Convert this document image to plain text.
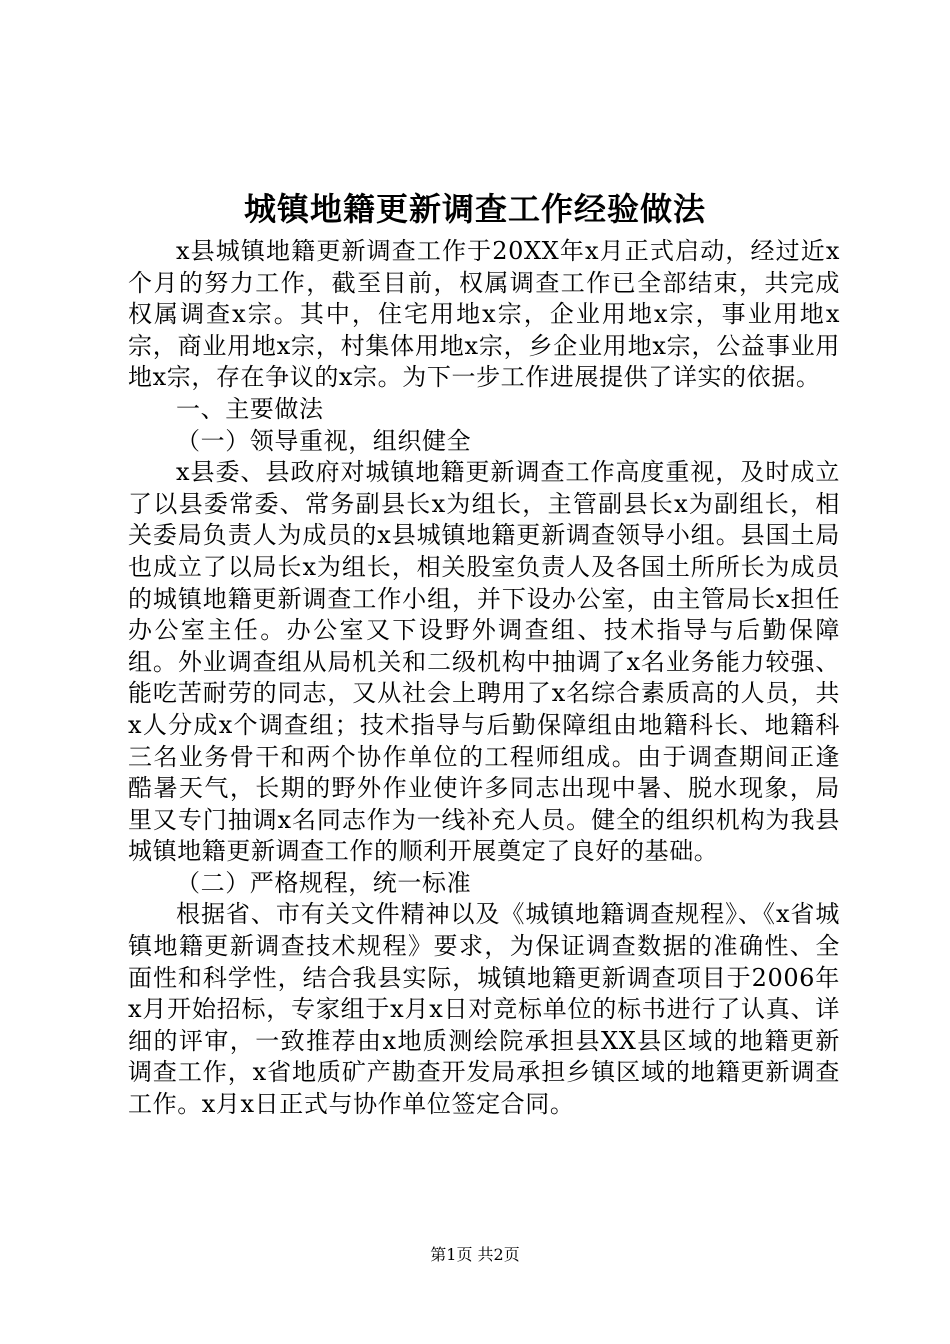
城镇地籍更新调查工作经验做法

x县城镇地籍更新调查工作于20XX年x月正式启动，经过近x个月的努力工作，截至目前，权属调查工作已全部结束，共完成权属调查x宗。其中，住宅用地x宗，企业用地x宗，事业用地x宗，商业用地x宗，村集体用地x宗，乡企业用地x宗，公益事业用地x宗，存在争议的x宗。为下一步工作进展提供了详实的依据。

一、主要做法

（一）领导重视，组织健全

x县委、县政府对城镇地籍更新调查工作高度重视，及时成立了以县委常委、常务副县长x为组长，主管副县长x为副组长，相关委局负责人为成员的x县城镇地籍更新调查领导小组。县国土局也成立了以局长x为组长，相关股室负责人及各国土所所长为成员的城镇地籍更新调查工作小组，并下设办公室，由主管局长x担任办公室主任。办公室又下设野外调查组、技术指导与后勤保障组。外业调查组从局机关和二级机构中抽调了x名业务能力较强、能吃苦耐劳的同志，又从社会上聘用了x名综合素质高的人员，共x人分成x个调查组；技术指导与后勤保障组由地籍科长、地籍科三名业务骨干和两个协作单位的工程师组成。由于调查期间正逢酷暑天气，长期的野外作业使许多同志出现中暑、脱水现象，局里又专门抽调x名同志作为一线补充人员。健全的组织机构为我县城镇地籍更新调查工作的顺利开展奠定了良好的基础。

（二）严格规程，统一标准

根据省、市有关文件精神以及《城镇地籍调查规程》、《x省城镇地籍更新调查技术规程》要求，为保证调查数据的准确性、全面性和科学性，结合我县实际，城镇地籍更新调查项目于2006年x月开始招标，专家组于x月x日对竞标单位的标书进行了认真、详细的评审，一致推荐由x地质测绘院承担县XX县区域的地籍更新调查工作，x省地质矿产勘查开发局承担乡镇区域的地籍更新调查工作。x月x日正式与协作单位签定合同。

第1页 共2页
